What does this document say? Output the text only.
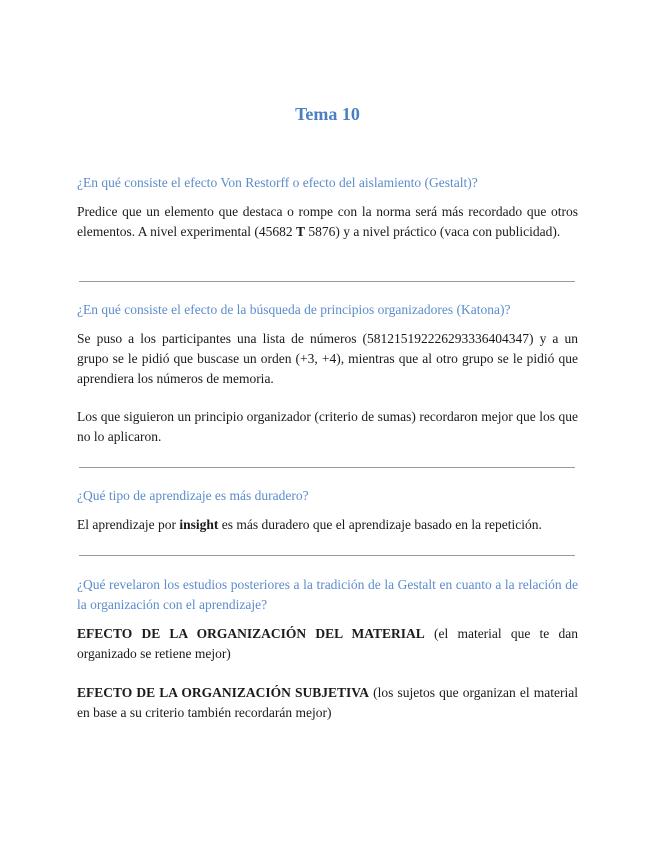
Tema 10
¿En qué consiste el efecto Von Restorff o efecto del aislamiento (Gestalt)?
Predice que un elemento que destaca o rompe con la norma será más recordado que otros elementos. A nivel experimental (45682 T 5876) y a nivel práctico (vaca con publicidad).
¿En qué consiste el efecto de la búsqueda de principios organizadores (Katona)?
Se puso a los participantes una lista de números (581215192226293336404347) y a un grupo se le pidió que buscase un orden (+3, +4), mientras que al otro grupo se le pidió que aprendiera los números de memoria.
Los que siguieron un principio organizador (criterio de sumas) recordaron mejor que los que no lo aplicaron.
¿Qué tipo de aprendizaje es más duradero?
El aprendizaje por insight es más duradero que el aprendizaje basado en la repetición.
¿Qué revelaron los estudios posteriores a la tradición de la Gestalt en cuanto a la relación de la organización con el aprendizaje?
EFECTO DE LA ORGANIZACIÓN DEL MATERIAL (el material que te dan organizado se retiene mejor)
EFECTO DE LA ORGANIZACIÓN SUBJETIVA (los sujetos que organizan el material en base a su criterio también recordarán mejor)
